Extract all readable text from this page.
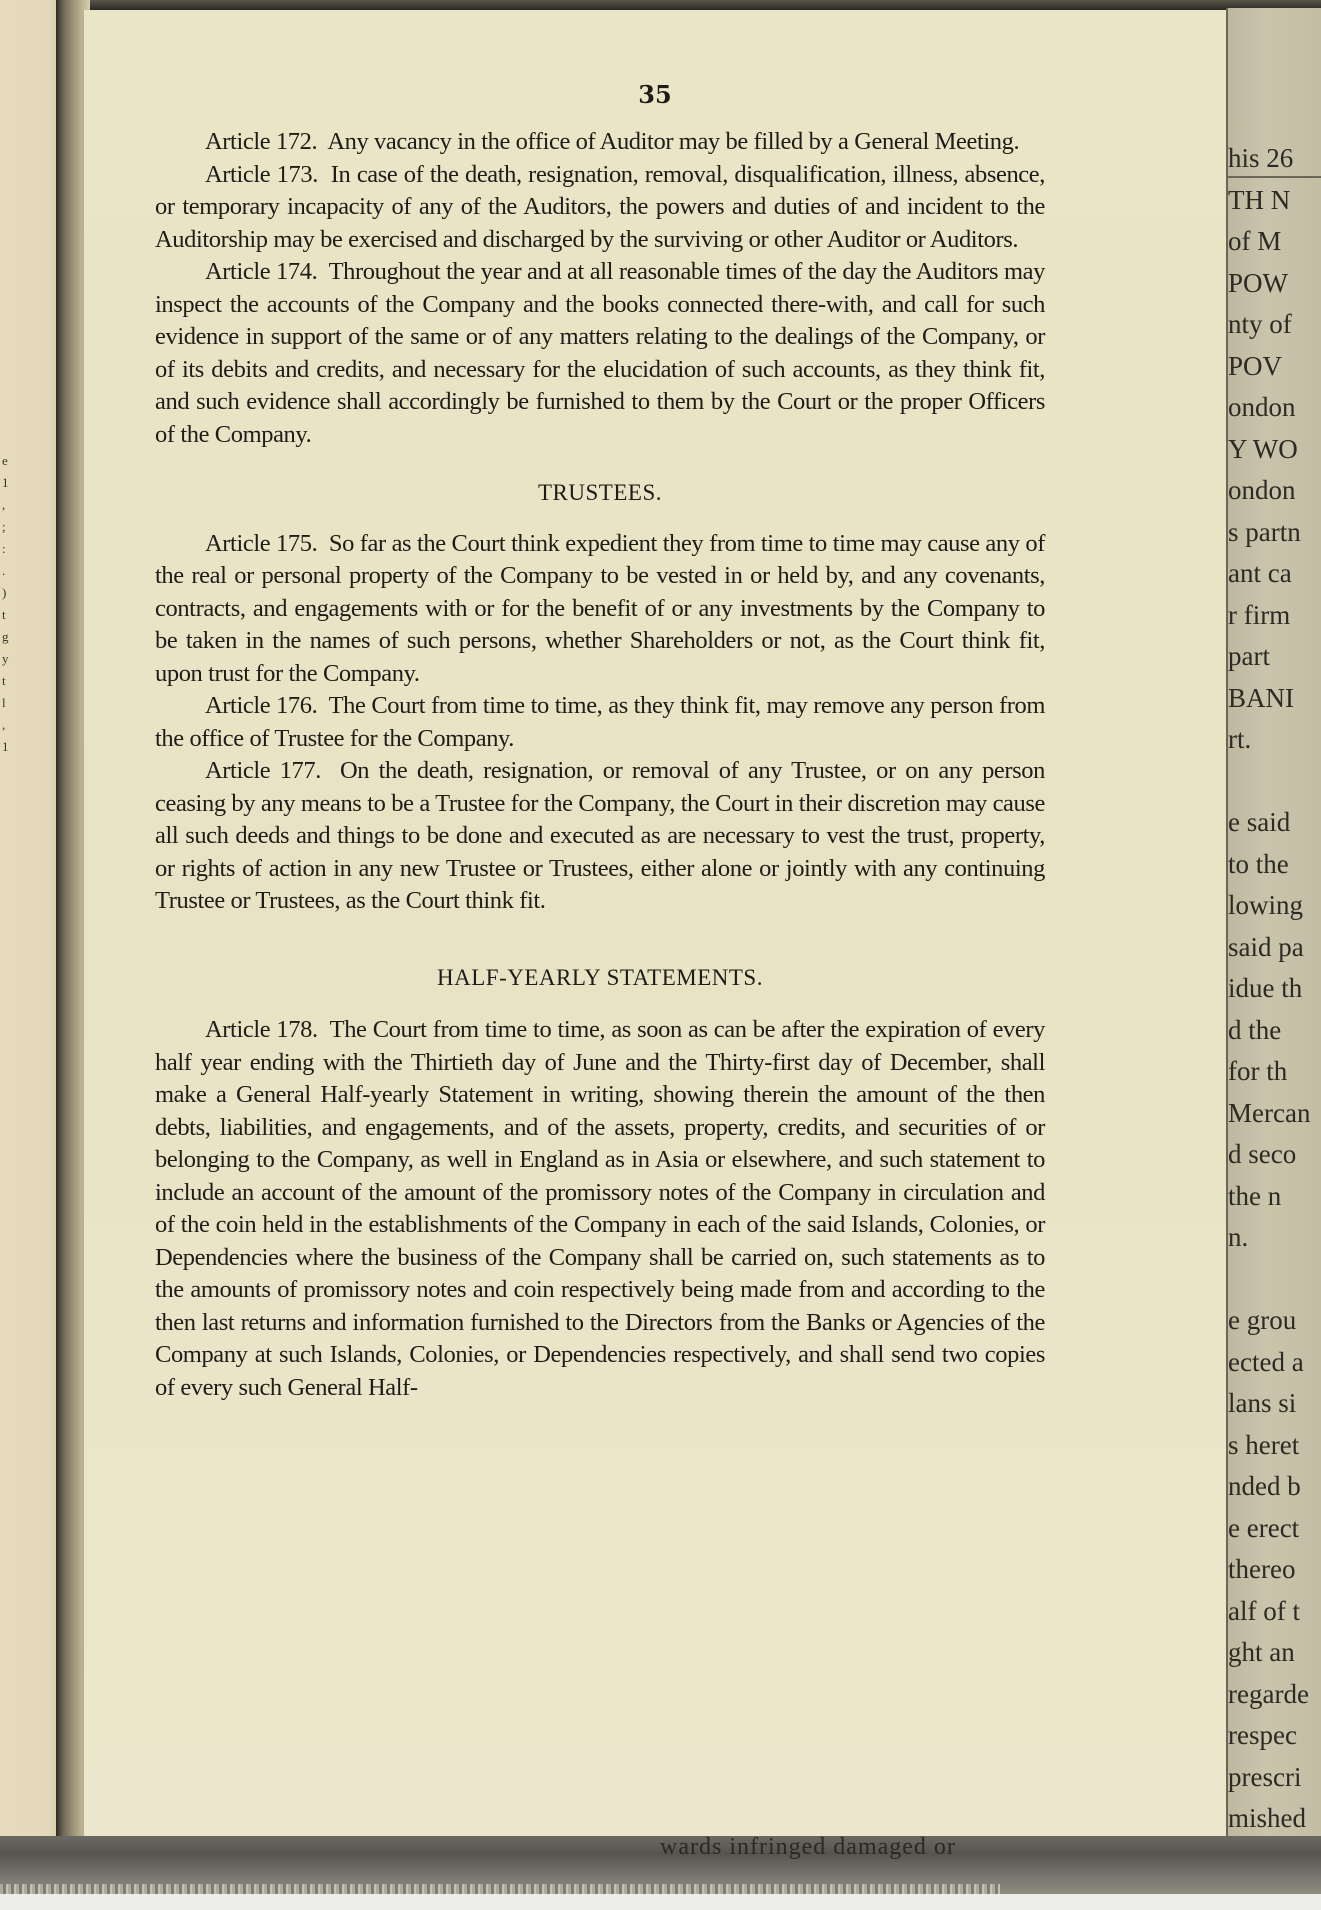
e
1
,
;
:
.
)
t
g
y
t
l
,
1
35

Article 172. Any vacancy in the office of Auditor may be filled by a General Meeting.

Article 173. In case of the death, resignation, removal, disqualification, illness, absence, or temporary incapacity of any of the Auditors, the powers and duties of and incident to the Auditorship may be exercised and discharged by the surviving or other Auditor or Auditors.

Article 174. Throughout the year and at all reasonable times of the day the Auditors may inspect the accounts of the Company and the books connected there-with, and call for such evidence in support of the same or of any matters relating to the dealings of the Company, or of its debits and credits, and necessary for the elucidation of such accounts, as they think fit, and such evidence shall accordingly be furnished to them by the Court or the proper Officers of the Company.

TRUSTEES.

Article 175. So far as the Court think expedient they from time to time may cause any of the real or personal property of the Company to be vested in or held by, and any covenants, contracts, and engagements with or for the benefit of or any investments by the Company to be taken in the names of such persons, whether Shareholders or not, as the Court think fit, upon trust for the Company.

Article 176. The Court from time to time, as they think fit, may remove any person from the office of Trustee for the Company.

Article 177. On the death, resignation, or removal of any Trustee, or on any person ceasing by any means to be a Trustee for the Company, the Court in their discretion may cause all such deeds and things to be done and executed as are necessary to vest the trust, property, or rights of action in any new Trustee or Trustees, either alone or jointly with any continuing Trustee or Trustees, as the Court think fit.

HALF-YEARLY STATEMENTS.

Article 178. The Court from time to time, as soon as can be after the expiration of every half year ending with the Thirtieth day of June and the Thirty-first day of December, shall make a General Half-yearly Statement in writing, showing therein the amount of the then debts, liabilities, and engagements, and of the assets, property, credits, and securities of or belonging to the Company, as well in England as in Asia or elsewhere, and such statement to include an account of the amount of the promissory notes of the Company in circulation and of the coin held in the establishments of the Company in each of the said Islands, Colonies, or Dependencies where the business of the Company shall be carried on, such statements as to the amounts of promissory notes and coin respectively being made from and according to the then last returns and information furnished to the Directors from the Banks or Agencies of the Company at such Islands, Colonies, or Dependencies respectively, and shall send two copies of every such General Half-

his 26
TH N
of M
POW
nty of
POV
ondon
Y WO
ondon
s partn
ant ca
r firm
part
BANI
rt.
e said
to the
lowing
said pa
idue th
d the
for th
Mercan
d seco
the n
n.
e grou
ected a
lans si
s heret
nded b
e erect
thereo
alf of t
ght an
regarde
respec
prescri
mished
wards infringed damaged or
